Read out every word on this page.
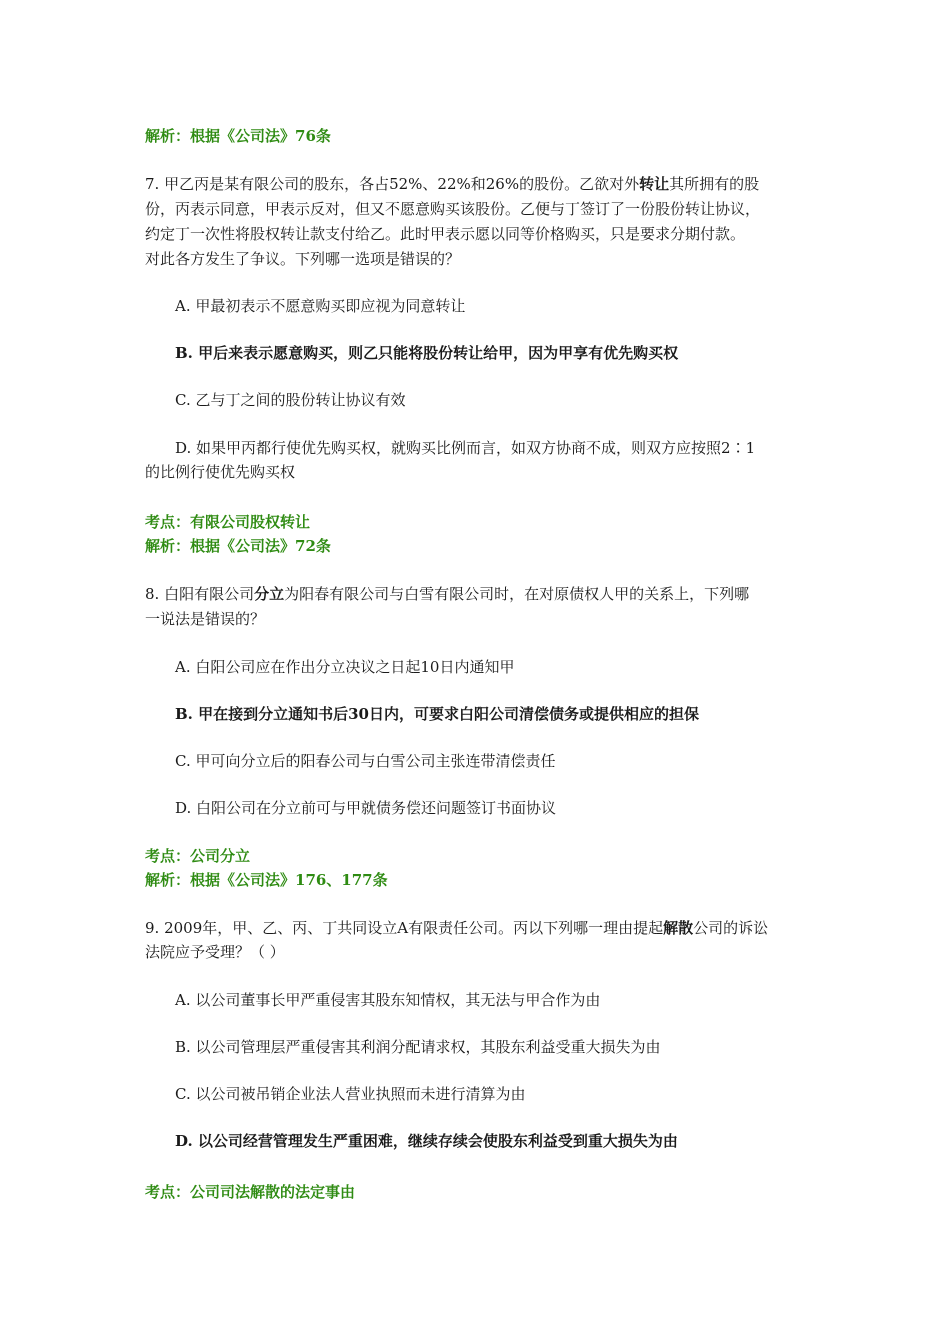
解析：根据《公司法》76条
7. 甲乙丙是某有限公司的股东，各占52%、22%和26%的股份。乙欲对外转让其所拥有的股
份，丙表示同意，甲表示反对，但又不愿意购买该股份。乙便与丁签订了一份股份转让协议，
约定丁一次性将股权转让款支付给乙。此时甲表示愿以同等价格购买，只是要求分期付款。
对此各方发生了争议。下列哪一选项是错误的？
A. 甲最初表示不愿意购买即应视为同意转让
B. 甲后来表示愿意购买，则乙只能将股份转让给甲，因为甲享有优先购买权
C. 乙与丁之间的股份转让协议有效
D. 如果甲丙都行使优先购买权，就购买比例而言，如双方协商不成，则双方应按照2∶1
的比例行使优先购买权
考点：有限公司股权转让
解析：根据《公司法》72条
8. 白阳有限公司分立为阳春有限公司与白雪有限公司时，在对原债权人甲的关系上，下列哪
一说法是错误的？
A. 白阳公司应在作出分立决议之日起10日内通知甲
B. 甲在接到分立通知书后30日内，可要求白阳公司清偿债务或提供相应的担保
C. 甲可向分立后的阳春公司与白雪公司主张连带清偿责任
D. 白阳公司在分立前可与甲就债务偿还问题签订书面协议
考点：公司分立
解析：根据《公司法》176、177条
9. 2009年，甲、乙、丙、丁共同设立A有限责任公司。丙以下列哪一理由提起解散公司的诉讼
法院应予受理？（ ）
A. 以公司董事长甲严重侵害其股东知情权，其无法与甲合作为由
B. 以公司管理层严重侵害其利润分配请求权，其股东利益受重大损失为由
C. 以公司被吊销企业法人营业执照而未进行清算为由
D. 以公司经营管理发生严重困难，继续存续会使股东利益受到重大损失为由
考点：公司司法解散的法定事由
